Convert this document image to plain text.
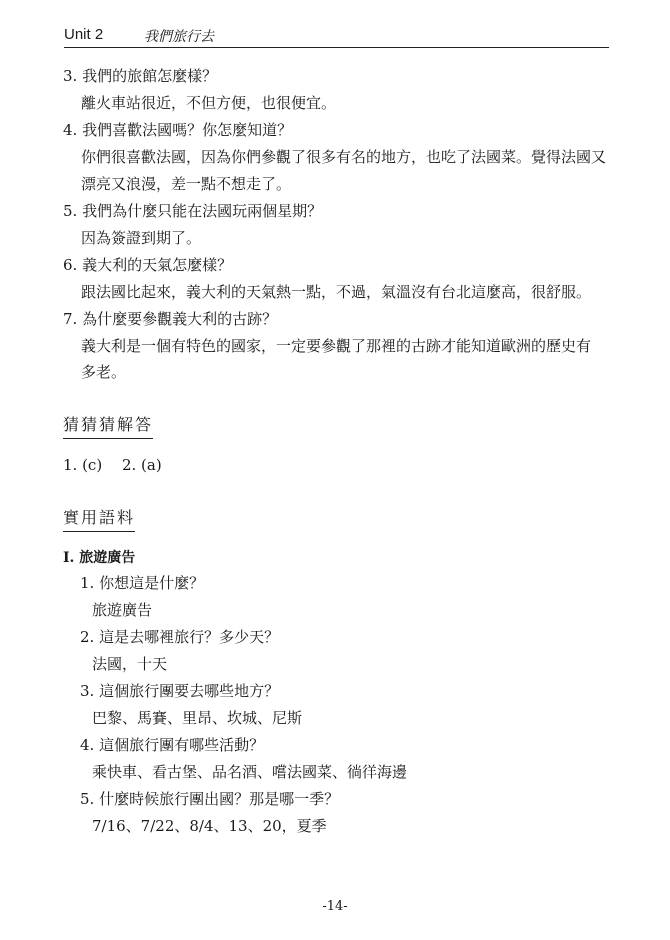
Unit 2	我們旅行去
3. 我們的旅館怎麼樣？
離火車站很近，不但方便，也很便宜。
4. 我們喜歡法國嗎？你怎麼知道？
你們很喜歡法國，因為你們參觀了很多有名的地方，也吃了法國菜。覺得法國又
漂亮又浪漫，差一點不想走了。
5. 我們為什麼只能在法國玩兩個星期？
因為簽證到期了。
6. 義大利的天氣怎麼樣？
跟法國比起來，義大利的天氣熱一點，不過，氣溫沒有台北這麼高，很舒服。
7. 為什麼要參觀義大利的古跡？
義大利是一個有特色的國家，一定要參觀了那裡的古跡才能知道歐洲的歷史有
多老。
猜猜猜解答
1. (c)　 2. (a)
實用語料
I. 旅遊廣告
1. 你想這是什麼？
旅遊廣告
2. 這是去哪裡旅行？多少天？
法國，十天
3. 這個旅行團要去哪些地方？
巴黎、馬賽、里昂、坎城、尼斯
4. 這個旅行團有哪些活動？
乘快車、看古堡、品名酒、嚐法國菜、徜徉海邊
5. 什麼時候旅行團出國？那是哪一季？
7/16、7/22、8/4、13、20，夏季
-14-
